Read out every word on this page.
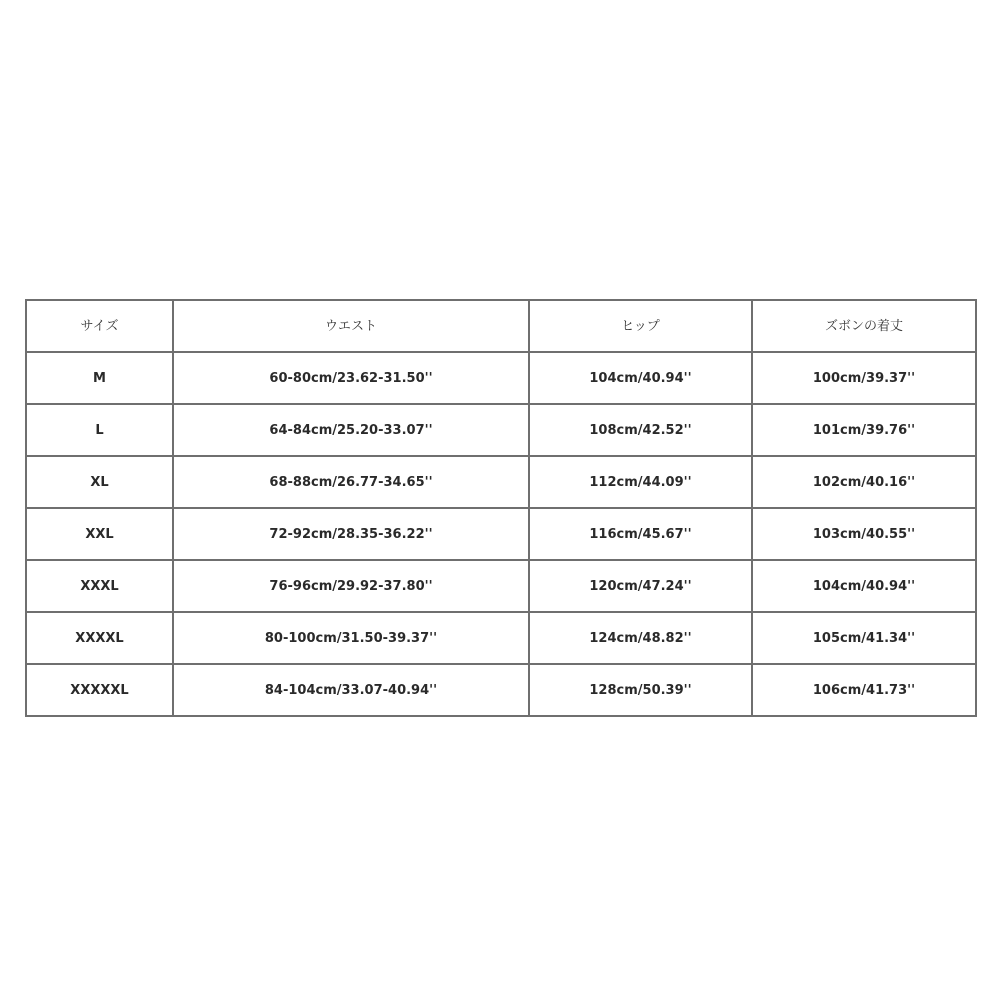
サイズ	ウエスト	ヒップ	ズボンの着丈
M	60-80cm/23.62-31.50''	104cm/40.94''	100cm/39.37''
L	64-84cm/25.20-33.07''	108cm/42.52''	101cm/39.76''
XL	68-88cm/26.77-34.65''	112cm/44.09''	102cm/40.16''
XXL	72-92cm/28.35-36.22''	116cm/45.67''	103cm/40.55''
XXXL	76-96cm/29.92-37.80''	120cm/47.24''	104cm/40.94''
XXXXL	80-100cm/31.50-39.37''	124cm/48.82''	105cm/41.34''
XXXXXL	84-104cm/33.07-40.94''	128cm/50.39''	106cm/41.73''
